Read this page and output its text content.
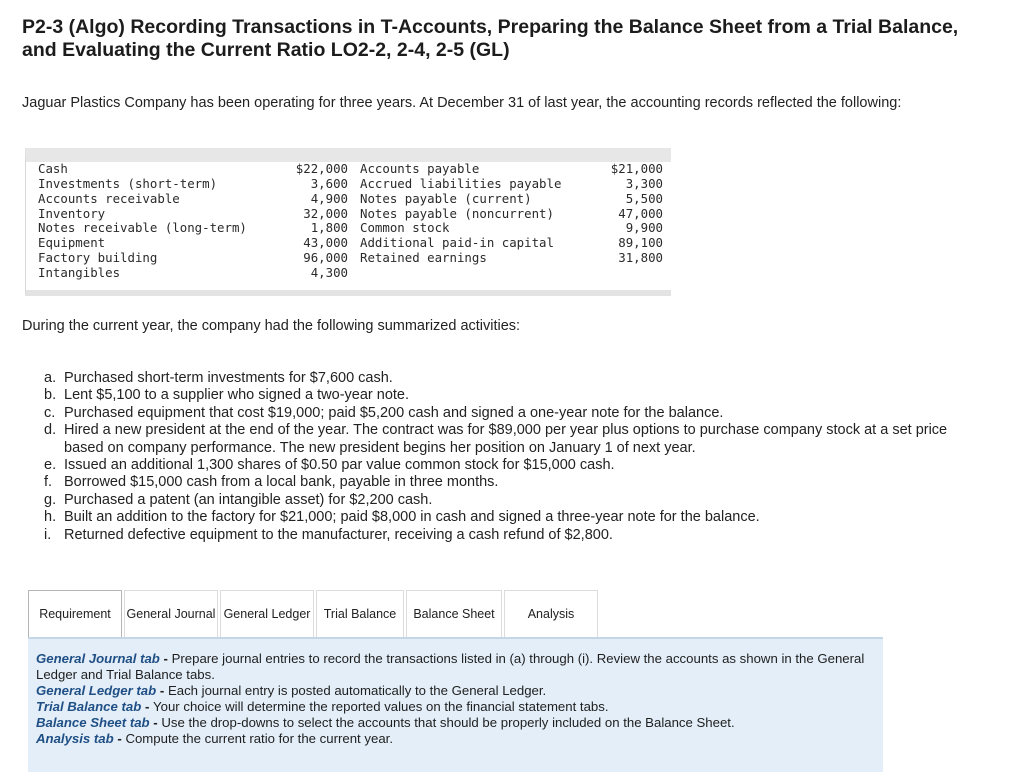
P2-3 (Algo) Recording Transactions in T-Accounts, Preparing the Balance Sheet from a Trial Balance, and Evaluating the Current Ratio LO2-2, 2-4, 2-5 (GL)
Jaguar Plastics Company has been operating for three years. At December 31 of last year, the accounting records reflected the following:
Cash	$22,000	Accounts payable	$21,000
Investments (short-term)	3,600	Accrued liabilities payable	3,300
Accounts receivable	4,900	Notes payable (current)	5,500
Inventory	32,000	Notes payable (noncurrent)	47,000
Notes receivable (long-term)	1,800	Common stock	9,900
Equipment	43,000	Additional paid-in capital	89,100
Factory building	96,000	Retained earnings	31,800
Intangibles	4,300		
During the current year, the company had the following summarized activities:
a. Purchased short-term investments for $7,600 cash.
b. Lent $5,100 to a supplier who signed a two-year note.
c. Purchased equipment that cost $19,000; paid $5,200 cash and signed a one-year note for the balance.
d. Hired a new president at the end of the year. The contract was for $89,000 per year plus options to purchase company stock at a set price based on company performance. The new president begins her position on January 1 of next year.
e. Issued an additional 1,300 shares of $0.50 par value common stock for $15,000 cash.
f. Borrowed $15,000 cash from a local bank, payable in three months.
g. Purchased a patent (an intangible asset) for $2,200 cash.
h. Built an addition to the factory for $21,000; paid $8,000 in cash and signed a three-year note for the balance.
i. Returned defective equipment to the manufacturer, receiving a cash refund of $2,800.
Requirement	General Journal General Ledger	Trial Balance	Balance Sheet	Analysis
General Journal tab - Prepare journal entries to record the transactions listed in (a) through (i). Review the accounts as shown in the General Ledger and Trial Balance tabs.
General Ledger tab - Each journal entry is posted automatically to the General Ledger.
Trial Balance tab - Your choice will determine the reported values on the financial statement tabs.
Balance Sheet tab - Use the drop-downs to select the accounts that should be properly included on the Balance Sheet.
Analysis tab - Compute the current ratio for the current year.
